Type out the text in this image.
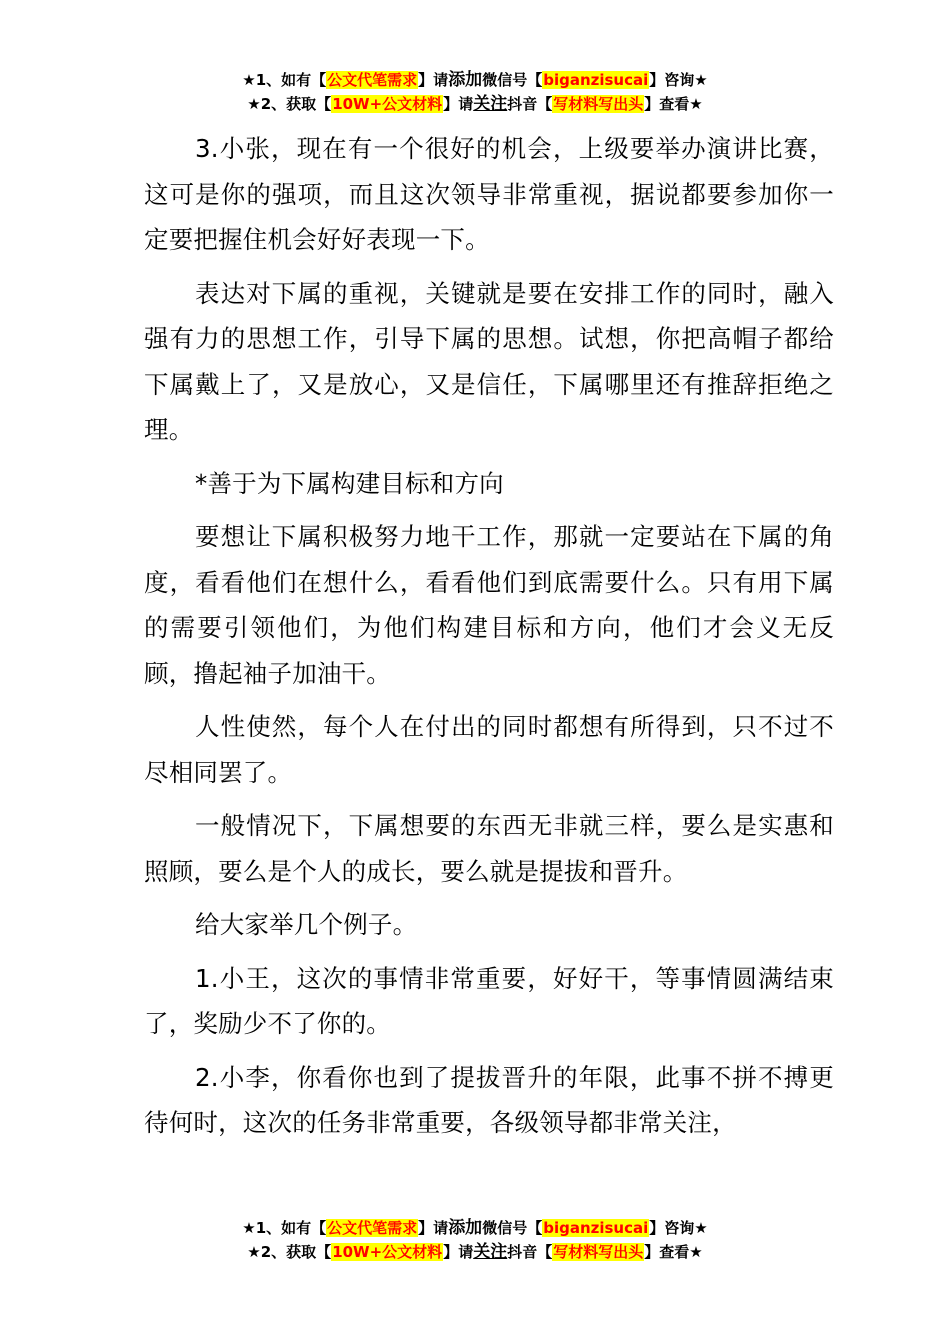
★1、如有【公文代笔需求】请添加微信号【biganzisucai】咨询★
★2、获取【10W+公文材料】请关注抖音【写材料写出头】查看★

3.小张，现在有一个很好的机会，上级要举办演讲比赛，这可是你的强项，而且这次领导非常重视，据说都要参加你一定要把握住机会好好表现一下。

表达对下属的重视，关键就是要在安排工作的同时，融入强有力的思想工作，引导下属的思想。试想，你把高帽子都给下属戴上了，又是放心，又是信任，下属哪里还有推辞拒绝之理。

*善于为下属构建目标和方向

要想让下属积极努力地干工作，那就一定要站在下属的角度，看看他们在想什么，看看他们到底需要什么。只有用下属的需要引领他们，为他们构建目标和方向，他们才会义无反顾，撸起袖子加油干。

人性使然，每个人在付出的同时都想有所得到，只不过不尽相同罢了。

一般情况下，下属想要的东西无非就三样，要么是实惠和照顾，要么是个人的成长，要么就是提拔和晋升。

给大家举几个例子。

1.小王，这次的事情非常重要，好好干，等事情圆满结束了，奖励少不了你的。

2.小李，你看你也到了提拔晋升的年限，此事不拼不搏更待何时，这次的任务非常重要，各级领导都非常关注，

★1、如有【公文代笔需求】请添加微信号【biganzisucai】咨询★
★2、获取【10W+公文材料】请关注抖音【写材料写出头】查看★
